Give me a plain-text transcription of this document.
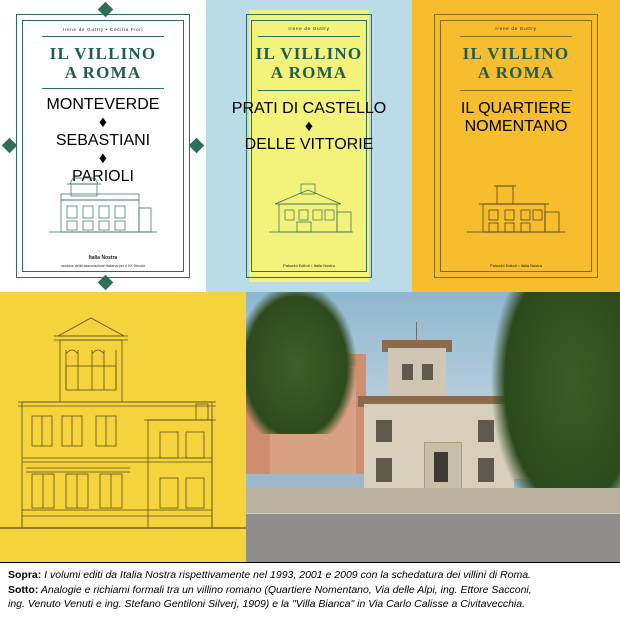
Irene de Guttry • Cecilia Fiori
IL VILLINO
A ROMA
MONTEVERDE
♦
SEBASTIANI
♦
PARIOLI
Italia Nostra
sezione della associazione italiana per il XX Secolo
Irene de Guttry
IL VILLINO
A ROMA
PRATI DI CASTELLO
♦
DELLE VITTORIE
Palombi Editori • Italia Nostra
Irene de Guttry
IL VILLINO
A ROMA
IL QUARTIERE
NOMENTANO
Palombi Editori • Italia Nostra
Sopra: I volumi editi da Italia Nostra rispettivamente nel 1993, 2001 e 2009 con la schedatura dei villini di Roma.
Sotto: Analogie e richiami formali tra un villino romano (Quartiere Nomentano, Via delle Alpi, ing. Ettore Sacconi,
ing. Venuto Venuti e ing. Stefano Gentiloni Silverj, 1909) e la "Villa Bianca" in Via Carlo Calisse a Civitavecchia.
